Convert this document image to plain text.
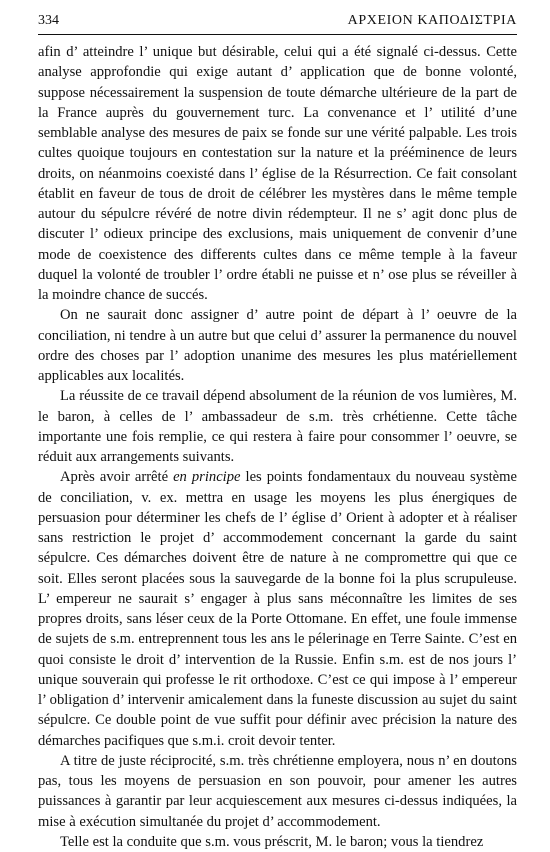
334	ΑΡΧΕΙΟΝ ΚΑΠΟΔΙΣΤΡΙΑ

afin d’ atteindre l’ unique but désirable, celui qui a été signalé ci-dessus. Cette analyse approfondie qui exige autant d’ application que de bonne volonté, suppose nécessairement la suspension de toute démarche ultérieure de la part de la France auprès du gouvernement turc. La convenance et l’ utilité d’une semblable analyse des mesures de paix se fonde sur une vérité palpable. Les trois cultes quoique toujours en contestation sur la nature et la prééminence de leurs droits, on néanmoins coexisté dans l’ église de la Résurrection. Ce fait consolant établit en faveur de tous de droit de célébrer les mystères dans le même temple autour du sépulcre révéré de notre divin rédempteur. Il ne s’ agit donc plus de discuter l’ odieux principe des exclusions, mais uniquement de convenir d’une mode de coexistence des differents cultes dans ce même temple à la faveur duquel la volonté de troubler l’ ordre établi ne puisse et n’ ose plus se réveiller à la moindre chance de succés.

On ne saurait donc assigner d’ autre point de départ à l’ oeuvre de la conciliation, ni tendre à un autre but que celui d’ assurer la permanence du nouvel ordre des choses par l’ adoption unanime des mesures les plus matériellement applicables aux localités.

La réussite de ce travail dépend absolument de la réunion de vos lumières, M. le baron, à celles de l’ ambassadeur de s.m. très crhétienne. Cette tâche importante une fois remplie, ce qui restera à faire pour consommer l’ oeuvre, se réduit aux arrangements suivants.

Après avoir arrêté en principe les points fondamentaux du nouveau système de conciliation, v. ex. mettra en usage les moyens les plus énergiques de persuasion pour déterminer les chefs de l’ église d’ Orient à adopter et à réaliser sans restriction le projet d’ accommodement concernant la garde du saint sépulcre. Ces démarches doivent être de nature à ne compromettre qui que ce soit. Elles seront placées sous la sauvegarde de la bonne foi la plus scrupuleuse. L’ empereur ne saurait s’ engager à plus sans méconnaître les limites de ses propres droits, sans léser ceux de la Porte Ottomane. En effet, une foule immense de sujets de s.m. entreprennent tous les ans le pélerinage en Terre Sainte. C’est en quoi consiste le droit d’ intervention de la Russie. Enfin s.m. est de nos jours l’ unique souverain qui professe le rit orthodoxe. C’est ce qui impose à l’ empereur l’ obligation d’ intervenir amicalement dans la funeste discussion au sujet du saint sépulcre. Ce double point de vue suffit pour définir avec précision la nature des démarches pacifiques que s.m.i. croit devoir tenter.

A titre de juste réciprocité, s.m. très chrétienne employera, nous n’ en doutons pas, tous les moyens de persuasion en son pouvoir, pour amener les autres puissances à garantir par leur acquiescement aux mesures ci-dessus indiquées, la mise à exécution simultanée du projet d’ accommodement.

Telle est la conduite que s.m. vous préscrit, M. le baron; vous la tiendrez
